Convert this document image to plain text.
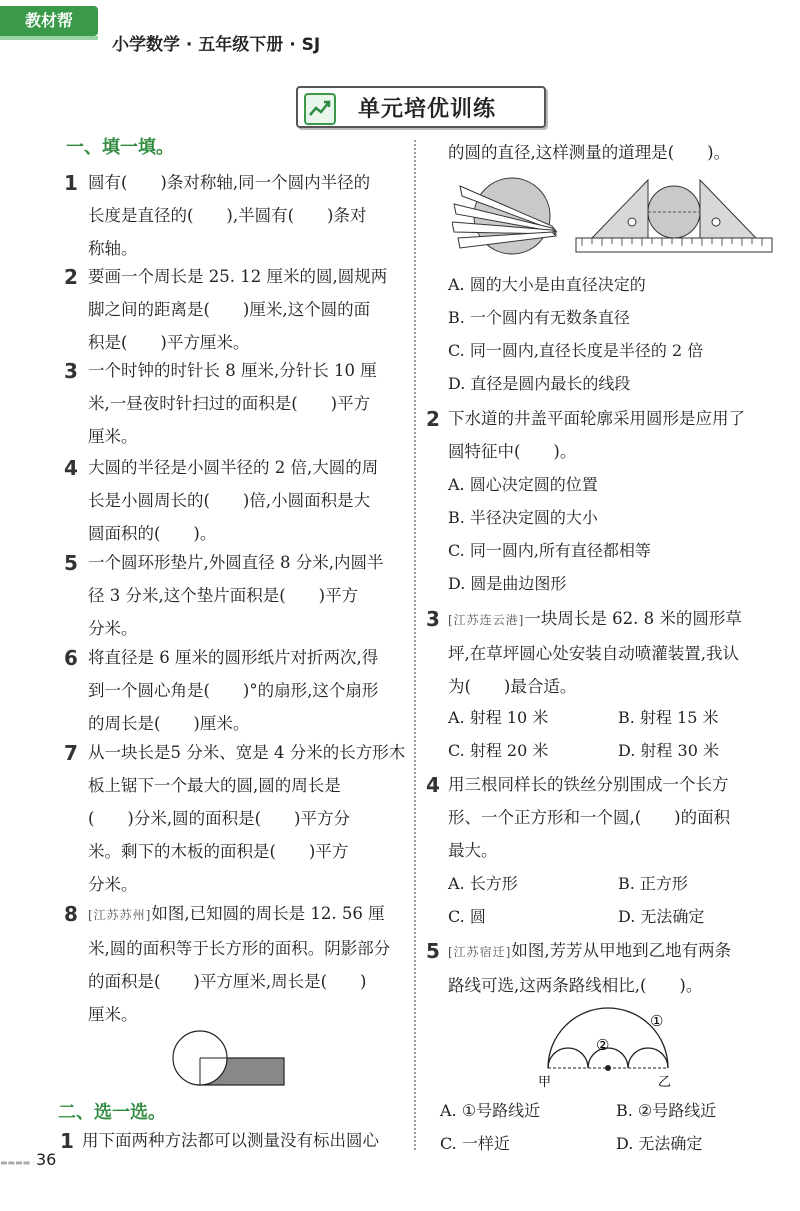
教材帮
小学数学 · 五年级下册 · SJ
单元培优训练
一、填一填。
1 圆有(　　)条对称轴,同一个圆内半径的
长度是直径的(　　),半圆有(　　)条对
称轴。
2 要画一个周长是 25. 12 厘米的圆,圆规两
脚之间的距离是(　　)厘米,这个圆的面
积是(　　)平方厘米。
3 一个时钟的时针长 8 厘米,分针长 10 厘
米,一昼夜时针扫过的面积是(　　)平方
厘米。
4 大圆的半径是小圆半径的 2 倍,大圆的周
长是小圆周长的(　　)倍,小圆面积是大
圆面积的(　　)。
5 一个圆环形垫片,外圆直径 8 分米,内圆半
径 3 分米,这个垫片面积是(　　)平方
分米。
6 将直径是 6 厘米的圆形纸片对折两次,得
到一个圆心角是(　　)°的扇形,这个扇形
的周长是(　　)厘米。
7 从一块长是5 分米、宽是 4 分米的长方形木
板上锯下一个最大的圆,圆的周长是
(　　)分米,圆的面积是(　　)平方分
米。剩下的木板的面积是(　　)平方
分米。
8 [江苏苏州]如图,已知圆的周长是 12. 56 厘
米,圆的面积等于长方形的面积。阴影部分
的面积是(　　)平方厘米,周长是(　　)
厘米。
二、选一选。
1 用下面两种方法都可以测量没有标出圆心
▬▬▬▬ · 36
的圆的直径,这样测量的道理是(　　)。
A. 圆的大小是由直径决定的
B. 一个圆内有无数条直径
C. 同一圆内,直径长度是半径的 2 倍
D. 直径是圆内最长的线段
2 下水道的井盖平面轮廓采用圆形是应用了
圆特征中(　　)。
A. 圆心决定圆的位置
B. 半径决定圆的大小
C. 同一圆内,所有直径都相等
D. 圆是曲边图形
3 [江苏连云港]一块周长是 62. 8 米的圆形草
坪,在草坪圆心处安装自动喷灌装置,我认
为(　　)最合适。
A. 射程 10 米	B. 射程 15 米
C. 射程 20 米	D. 射程 30 米
4 用三根同样长的铁丝分别围成一个长方
形、一个正方形和一个圆,(　　)的面积
最大。
A. 长方形	B. 正方形
C. 圆	D. 无法确定
5 [江苏宿迁]如图,芳芳从甲地到乙地有两条
路线可选,这两条路线相比,(　　)。
①
②
甲	乙
A. ①号路线近	B. ②号路线近
C. 一样近	D. 无法确定
